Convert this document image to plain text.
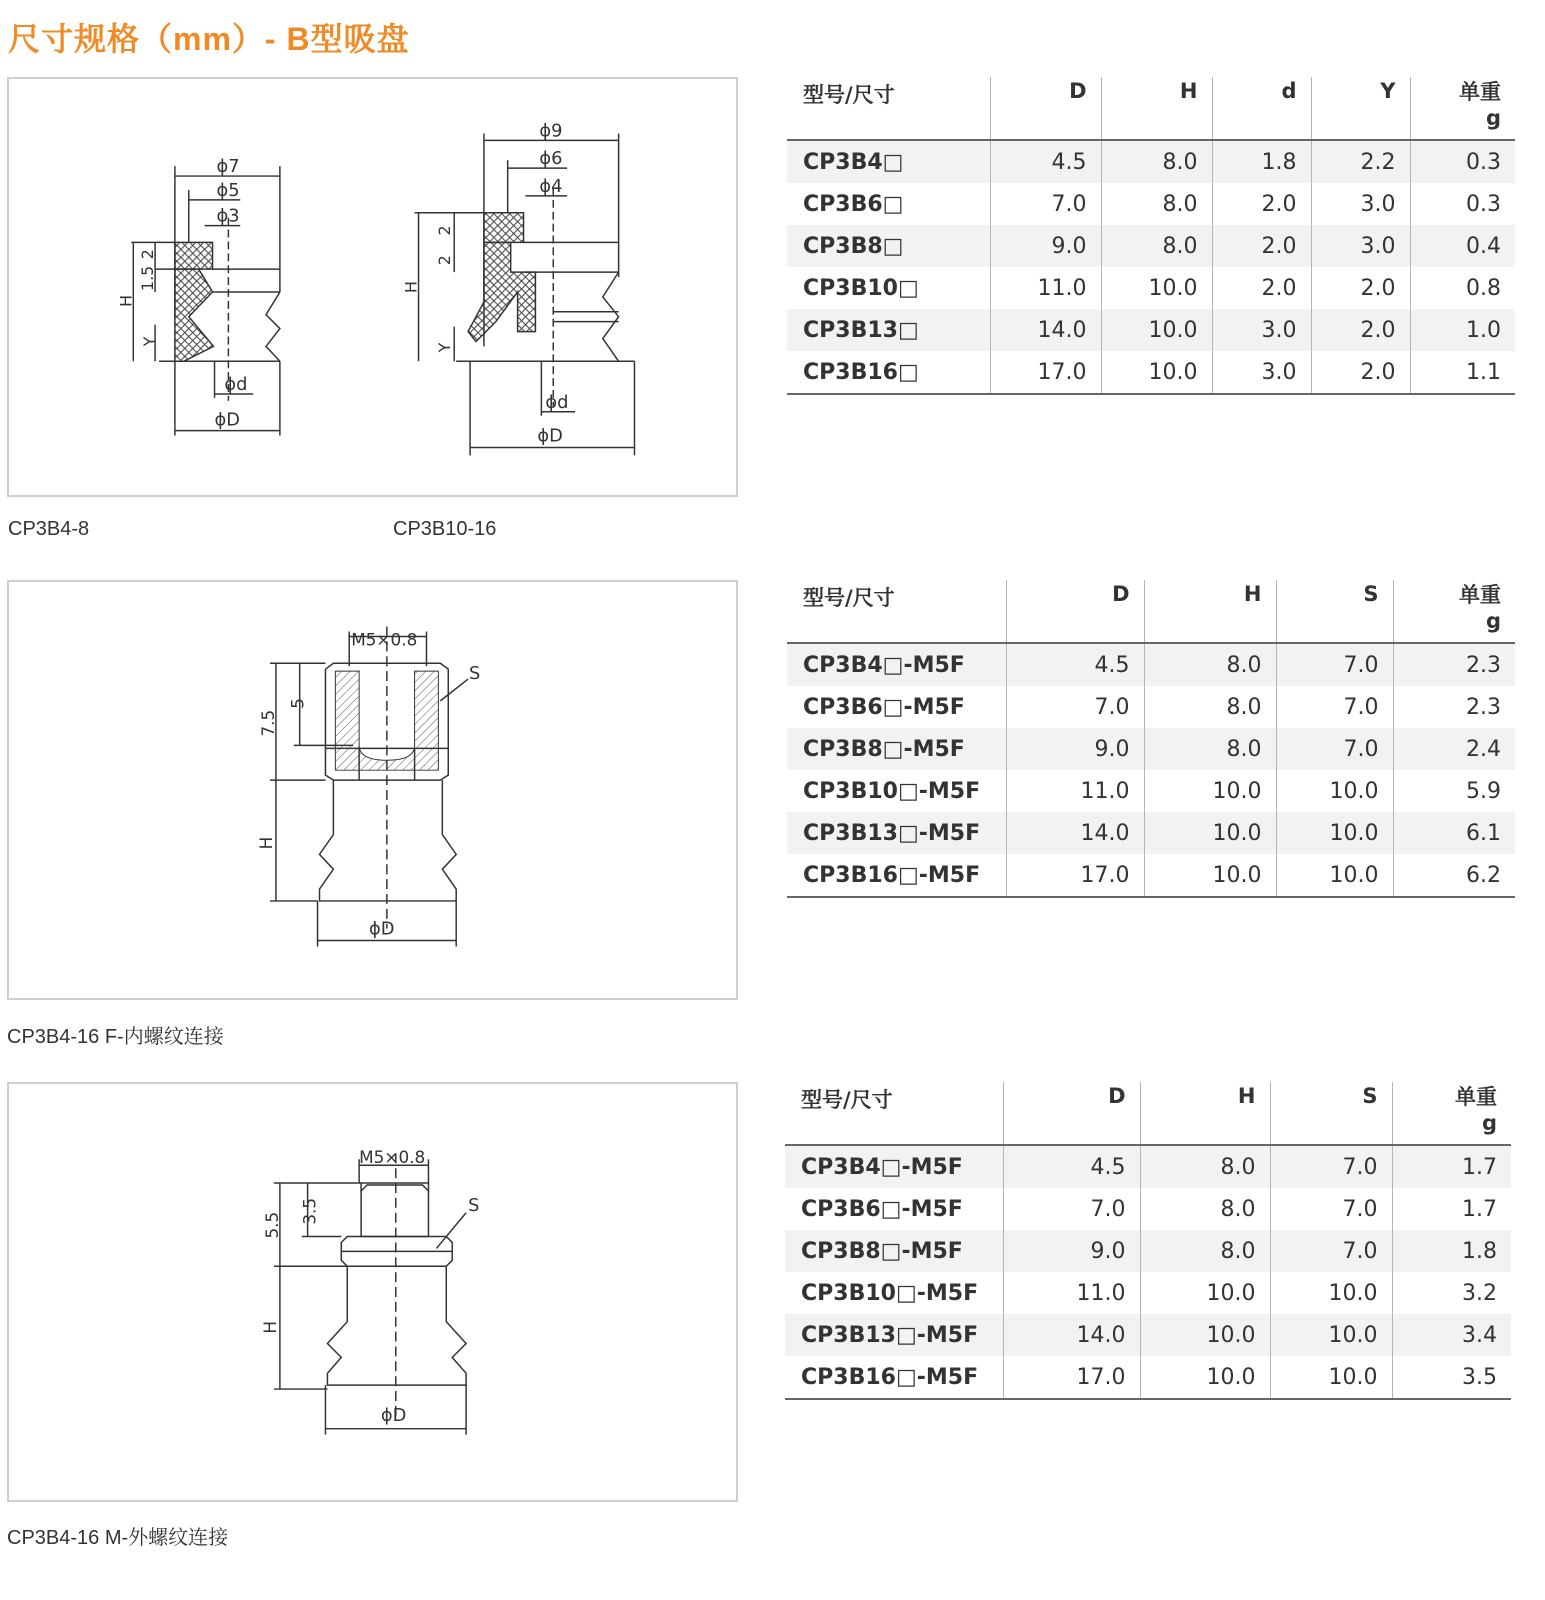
尺寸规格（mm）- B型吸盘
ϕ7
ϕ5
ϕ3
2
1.5
H
Y
ϕd
ϕD
ϕ9
ϕ6
ϕ4
2
2
H
Y
ϕd
ϕD

CP3B4-8	CP3B10-16

型号/尺寸	D	H	d	Y	单重
g
CP3B4□	4.5	8.0	1.8	2.2	0.3
CP3B6□	7.0	8.0	2.0	3.0	0.3
CP3B8□	9.0	8.0	2.0	3.0	0.4
CP3B10□	11.0	10.0	2.0	2.0	0.8
CP3B13□	14.0	10.0	3.0	2.0	1.0
CP3B16□	17.0	10.0	3.0	2.0	1.1
M5×0.8
S
7.5
5
H
ϕD

CP3B4-16 F-内螺纹连接

型号/尺寸	D	H	S	单重
g
CP3B4□-M5F	4.5	8.0	7.0	2.3
CP3B6□-M5F	7.0	8.0	7.0	2.3
CP3B8□-M5F	9.0	8.0	7.0	2.4
CP3B10□-M5F	11.0	10.0	10.0	5.9
CP3B13□-M5F	14.0	10.0	10.0	6.1
CP3B16□-M5F	17.0	10.0	10.0	6.2
M5×0.8
S
5.5
3.5
H
ϕD

CP3B4-16 M-外螺纹连接

型号/尺寸	D	H	S	单重
g
CP3B4□-M5F	4.5	8.0	7.0	1.7
CP3B6□-M5F	7.0	8.0	7.0	1.7
CP3B8□-M5F	9.0	8.0	7.0	1.8
CP3B10□-M5F	11.0	10.0	10.0	3.2
CP3B13□-M5F	14.0	10.0	10.0	3.4
CP3B16□-M5F	17.0	10.0	10.0	3.5
